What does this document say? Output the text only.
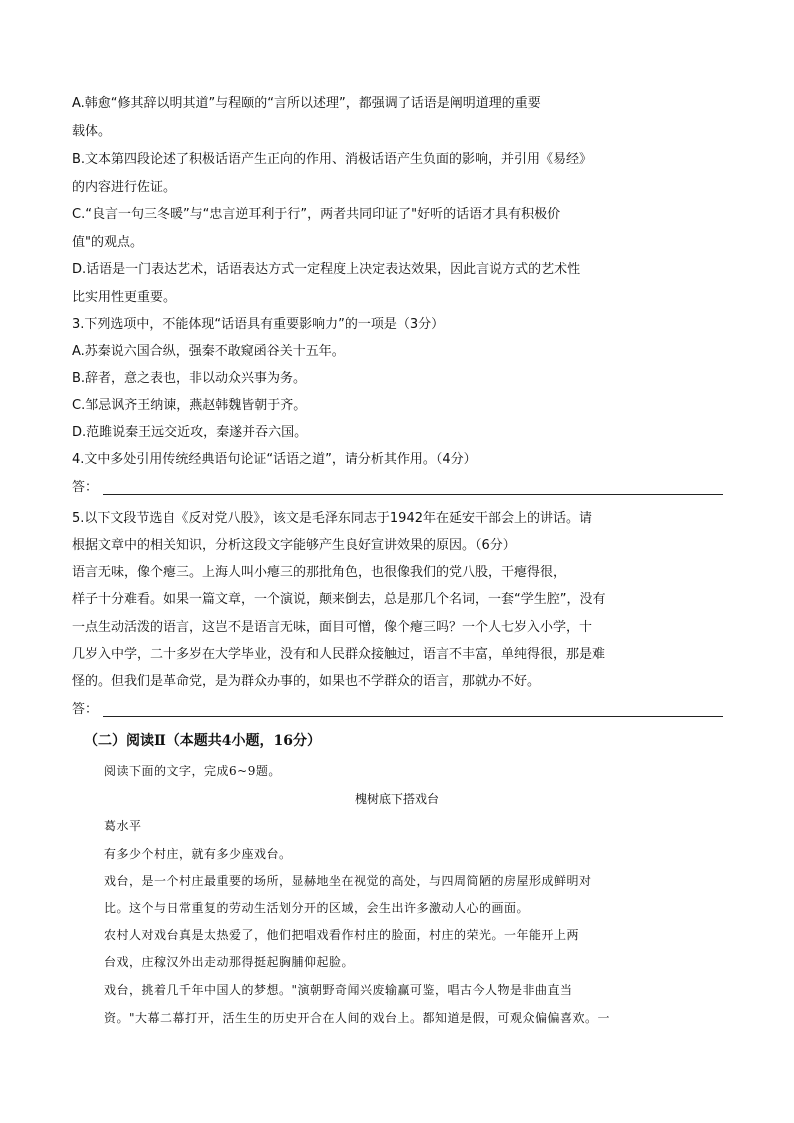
A.韩愈“修其辞以明其道”与程颐的“言所以述理”，都强调了话语是阐明道理的重要
载体。
B.文本第四段论述了积极话语产生正向的作用、消极话语产生负面的影响，并引用《易经》
的内容进行佐证。
C.“良言一句三冬暖”与“忠言逆耳利于行”，两者共同印证了"好听的话语才具有积极价
值"的观点。
D.话语是一门表达艺术，话语表达方式一定程度上决定表达效果，因此言说方式的艺术性
比实用性更重要。
3.下列选项中，不能体现“话语具有重要影响力”的一项是（3分）
A.苏秦说六国合纵，强秦不敢窥函谷关十五年。
B.辞者，意之表也，非以动众兴事为务。
C.邹忌讽齐王纳谏，燕赵韩魏皆朝于齐。
D.范雎说秦王远交近攻，秦遂并吞六国。
4.文中多处引用传统经典语句论证“话语之道”，请分析其作用。（4分）
答：
5.以下文段节选自《反对党八股》，该文是毛泽东同志于1942年在延安干部会上的讲话。请
根据文章中的相关知识，分析这段文字能够产生良好宣讲效果的原因。（6分）
语言无味，像个瘪三。上海人叫小瘪三的那批角色，也很像我们的党八股，干瘪得很，
样子十分难看。如果一篇文章，一个演说，颠来倒去，总是那几个名词，一套“学生腔”，没有
一点生动活泼的语言，这岂不是语言无味，面目可憎，像个瘪三吗？一个人七岁入小学，十
几岁入中学，二十多岁在大学毕业，没有和人民群众接触过，语言不丰富，单纯得很，那是难
怪的。但我们是革命党，是为群众办事的，如果也不学群众的语言，那就办不好。
答：
（二）阅读Ⅱ（本题共4小题，16分）
阅读下面的文字，完成6~9题。
槐树底下搭戏台
葛水平
有多少个村庄，就有多少座戏台。
戏台，是一个村庄最重要的场所，显赫地坐在视觉的高处，与四周简陋的房屋形成鲜明对
比。这个与日常重复的劳动生活划分开的区域，会生出许多激动人心的画面。
农村人对戏台真是太热爱了，他们把唱戏看作村庄的脸面，村庄的荣光。一年能开上两
台戏，庄稼汉外出走动那得挺起胸脯仰起脸。
戏台，挑着几千年中国人的梦想。"演朝野奇闻兴废输赢可鉴，唱古今人物是非曲直当
资。"大幕二幕打开，活生生的历史开合在人间的戏台上。都知道是假，可观众偏偏喜欢。一
